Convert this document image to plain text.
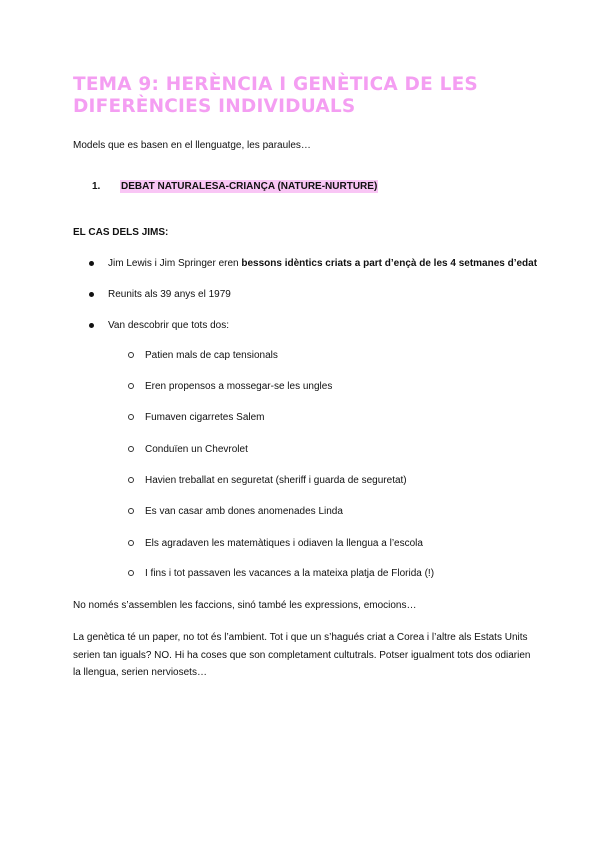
TEMA 9: HERÈNCIA I GENÈTICA DE LES
DIFERÈNCIES INDIVIDUALS
Models que es basen en el llenguatge, les paraules…
1. DEBAT NATURALESA-CRIANÇA (NATURE-NURTURE)
EL CAS DELS JIMS:
Jim Lewis i Jim Springer eren bessons idèntics criats a part d’ençà de les 4 setmanes d’edat
Reunits als 39 anys el 1979
Van descobrir que tots dos:
Patien mals de cap tensionals
Eren propensos a mossegar-se les ungles
Fumaven cigarretes Salem
Conduïen un Chevrolet
Havien treballat en seguretat (sheriff i guarda de seguretat)
Es van casar amb dones anomenades Linda
Els agradaven les matemàtiques i odiaven la llengua a l’escola
I fins i tot passaven les vacances a la mateixa platja de Florida (!)
No només s’assemblen les faccions, sinó també les expressions, emocions…
La genètica té un paper, no tot és l’ambient. Tot i que un s’hagués criat a Corea i l’altre als Estats Units serien tan iguals? NO. Hi ha coses que son completament cultutrals. Potser igualment tots dos odiarien la llengua, serien nerviosets…
